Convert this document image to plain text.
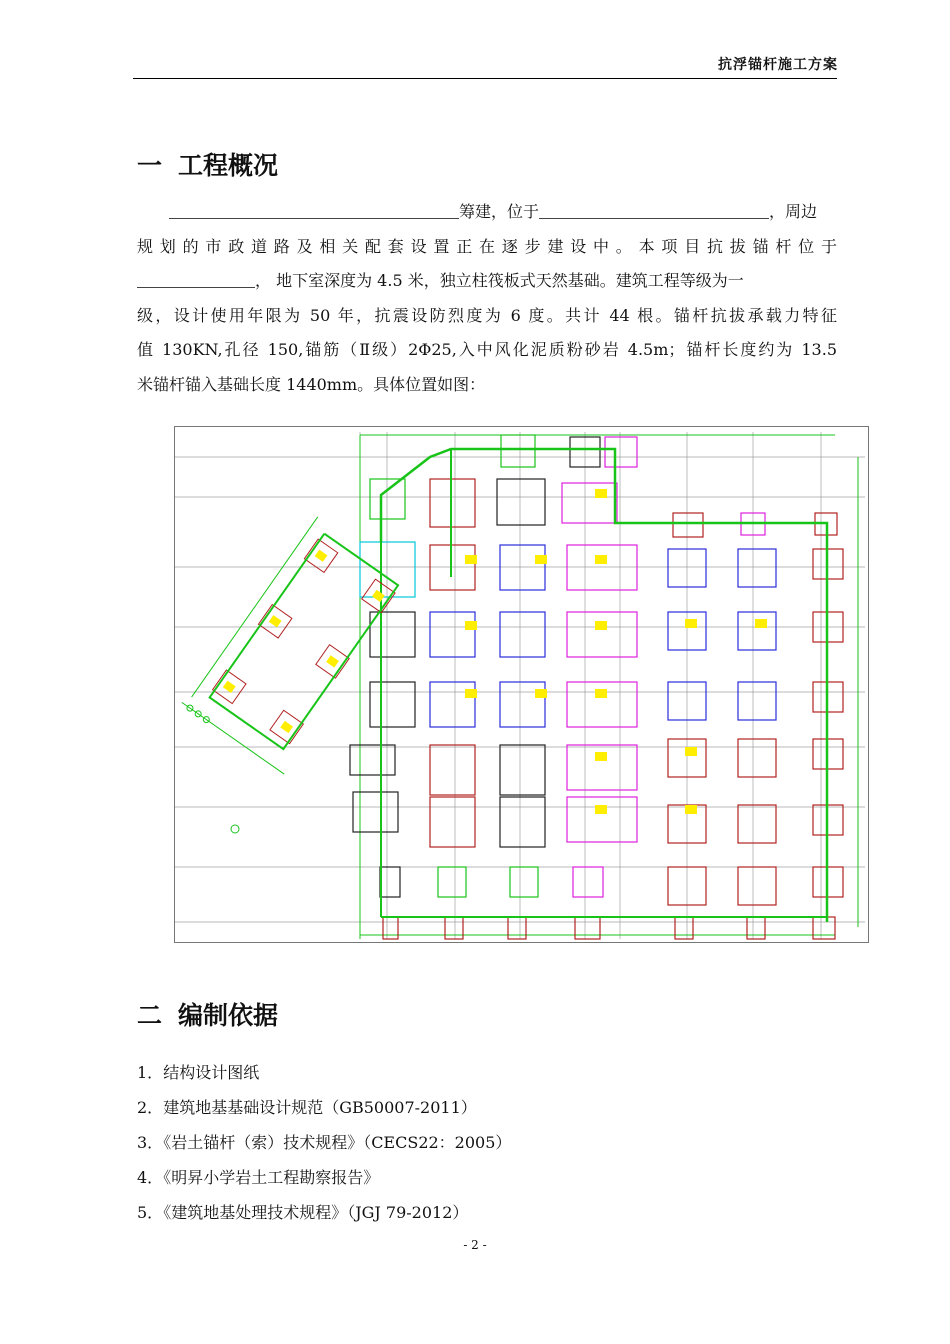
抗浮锚杆施工方案
一 工程概况
筹建，位于	，周边
规划的市政道路及相关配套设置正在逐步建设中。本项目抗拔锚杆位于
， 地下室深度为 4.5 米，独立柱筏板式天然基础。建筑工程等级为一
级，设计使用年限为 50 年，抗震设防烈度为 6 度。共计 44 根。锚杆抗拔承载力特征
值 130KN,孔径 150,锚筋（Ⅱ级）2Φ25,入中风化泥质粉砂岩 4.5m；锚杆长度约为 13.5
米锚杆锚入基础长度 1440mm。具体位置如图：
二 编制依据
1．结构设计图纸
2．建筑地基基础设计规范（GB50007-2011）
3．《岩土锚杆（索）技术规程》（CECS22：2005）
4．《明昇小学岩土工程勘察报告》
5．《建筑地基处理技术规程》（JGJ 79-2012）
- 2 -
